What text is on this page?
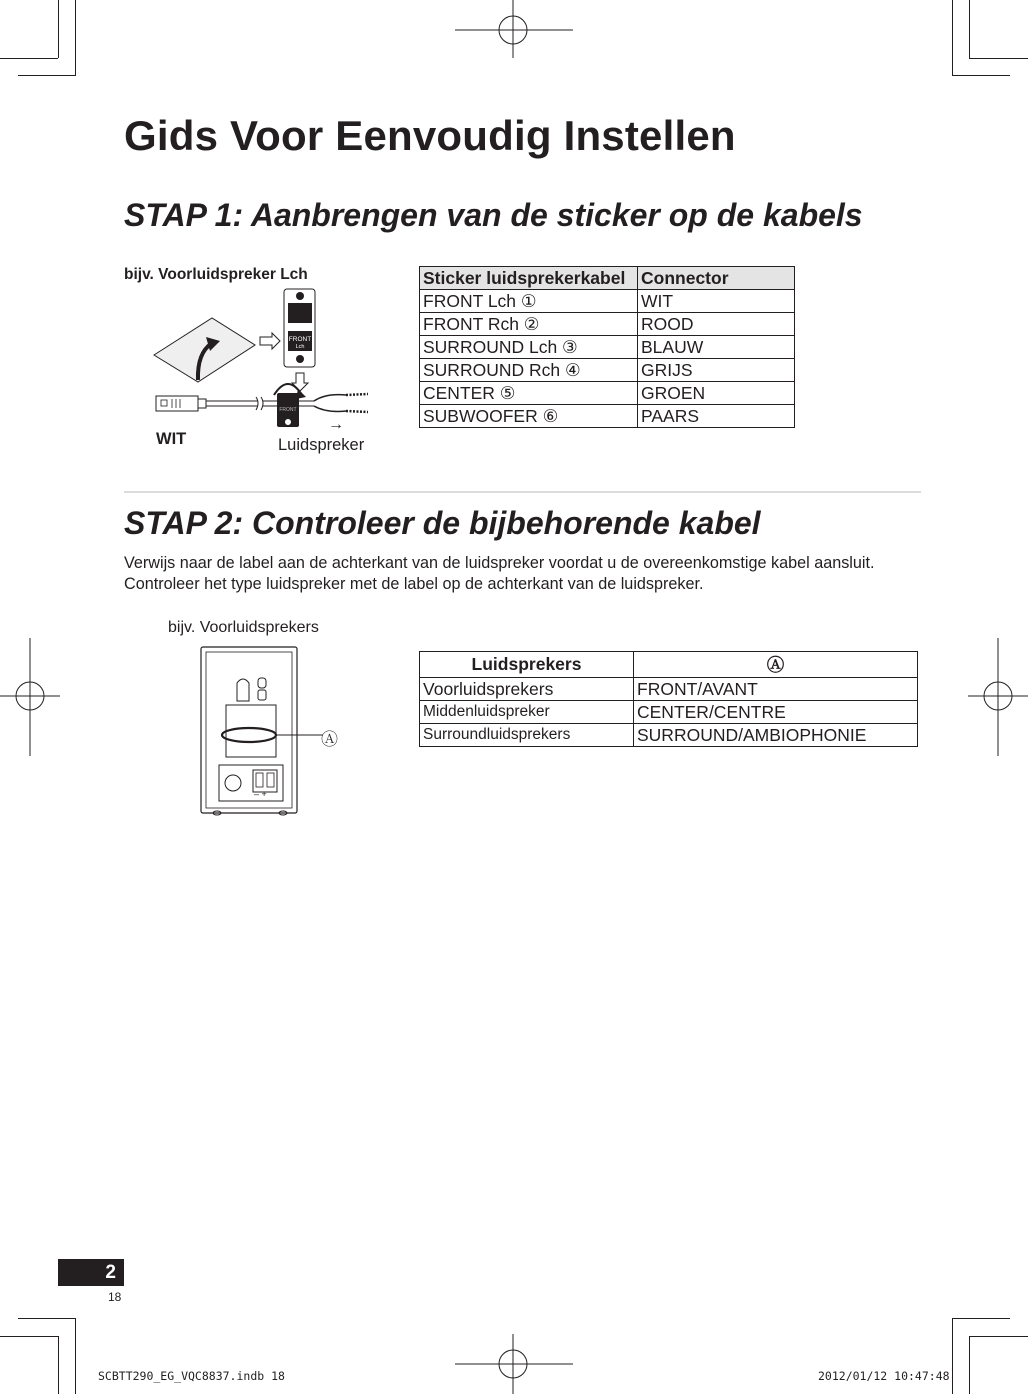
Gids Voor Eenvoudig Instellen
STAP 1: Aanbrengen van de sticker op de kabels
bijv. Voorluidspreker Lch
FRONT
Lch
FRONT
WIT
→
Luidspreker
Sticker luidsprekerkabel	Connector
FRONT Lch ①	WIT
FRONT Rch ②	ROOD
SURROUND Lch ③	BLAUW
SURROUND Rch ④	GRIJS
CENTER ⑤	GROEN
SUBWOOFER ⑥	PAARS
STAP 2: Controleer de bijbehorende kabel
Verwijs naar de label aan de achterkant van de luidspreker voordat u de overeenkomstige kabel aansluit.
Controleer het type luidspreker met de label op de achterkant van de luidspreker.
bijv. Voorluidsprekers
– +
Ⓐ
Luidsprekers	Ⓐ
Voorluidsprekers	FRONT/AVANT
Middenluidspreker	CENTER/CENTRE
Surroundluidsprekers	SURROUND/AMBIOPHONIE
2
18
SCBTT290_EG_VQC8837.indb 18	2012/01/12 10:47:48
